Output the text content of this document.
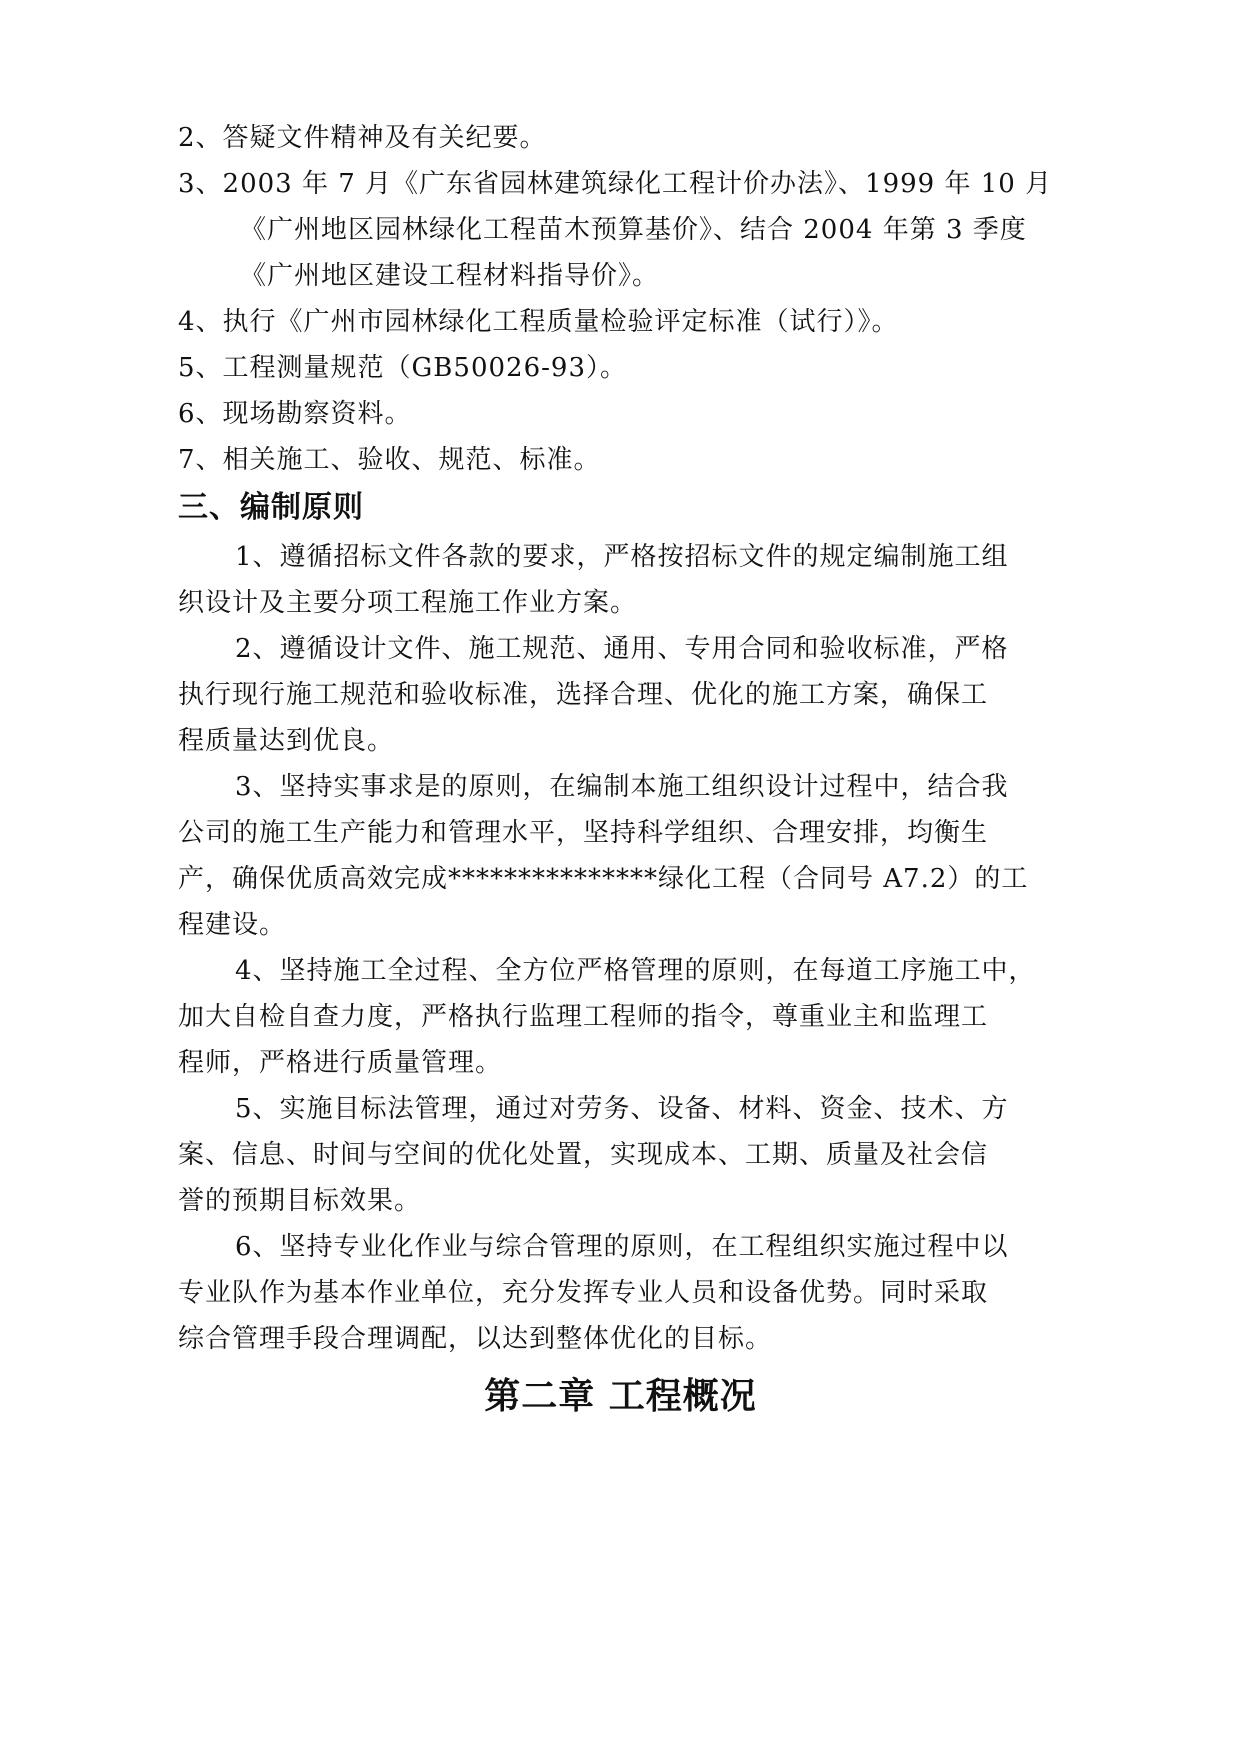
2、答疑文件精神及有关纪要。
3、2003 年 7 月《广东省园林建筑绿化工程计价办法》、1999 年 10 月
《广州地区园林绿化工程苗木预算基价》、结合 2004 年第 3 季度
《广州地区建设工程材料指导价》。
4、执行《广州市园林绿化工程质量检验评定标准（试行）》。
5、工程测量规范（GB50026-93）。
6、现场勘察资料。
7、相关施工、验收、规范、标准。
三、编制原则
1、遵循招标文件各款的要求，严格按招标文件的规定编制施工组
织设计及主要分项工程施工作业方案。
2、遵循设计文件、施工规范、通用、专用合同和验收标准，严格
执行现行施工规范和验收标准，选择合理、优化的施工方案，确保工
程质量达到优良。
3、坚持实事求是的原则，在编制本施工组织设计过程中，结合我
公司的施工生产能力和管理水平，坚持科学组织、合理安排，均衡生
产，确保优质高效完成***************绿化工程（合同号 A7.2）的工
程建设。
4、坚持施工全过程、全方位严格管理的原则，在每道工序施工中，
加大自检自查力度，严格执行监理工程师的指令，尊重业主和监理工
程师，严格进行质量管理。
5、实施目标法管理，通过对劳务、设备、材料、资金、技术、方
案、信息、时间与空间的优化处置，实现成本、工期、质量及社会信
誉的预期目标效果。
6、坚持专业化作业与综合管理的原则，在工程组织实施过程中以
专业队作为基本作业单位，充分发挥专业人员和设备优势。同时采取
综合管理手段合理调配，以达到整体优化的目标。
第二章 工程概况
